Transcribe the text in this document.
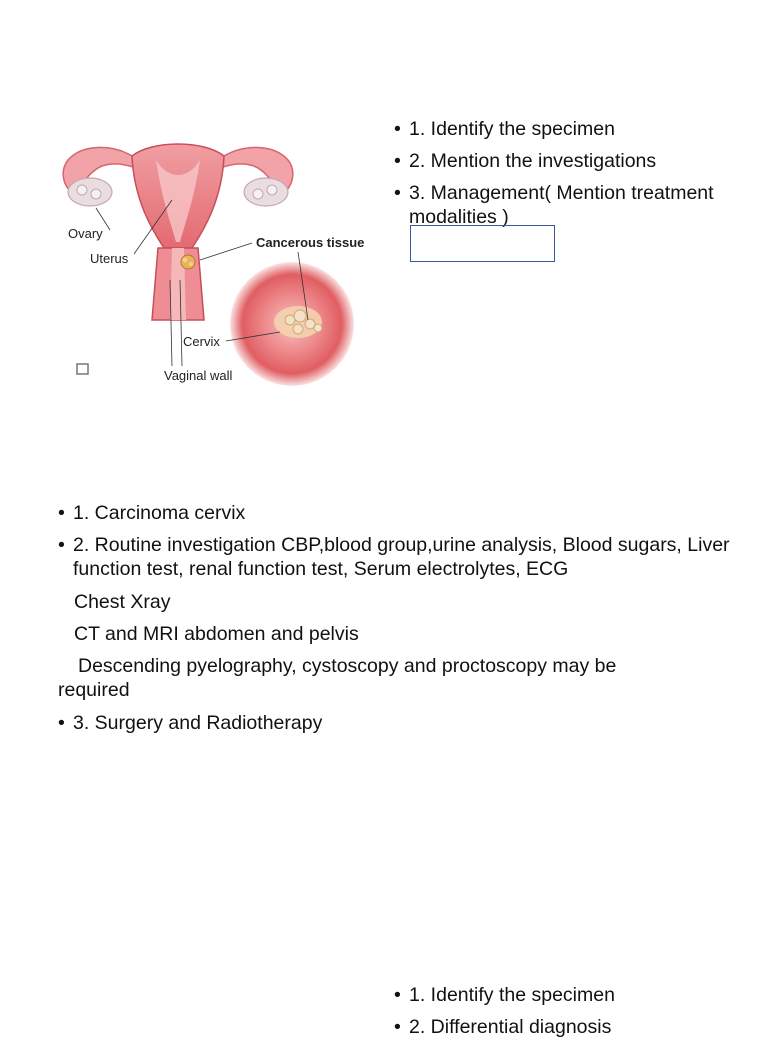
Ovary
Uterus
Cancerous tissue
Cervix
Vaginal wall
• 1. Identify the specimen
• 2. Mention the investigations
• 3. Management( Mention treatment modalities )
• 1. Carcinoma cervix
• 2. Routine investigation CBP,blood group,urine analysis, Blood sugars, Liver function test, renal function test, Serum electrolytes, ECG
Chest Xray
CT and MRI abdomen and pelvis
Descending pyelography, cystoscopy and proctoscopy may be required
• 3. Surgery and Radiotherapy
• 1. Identify the specimen
• 2. Differential diagnosis
